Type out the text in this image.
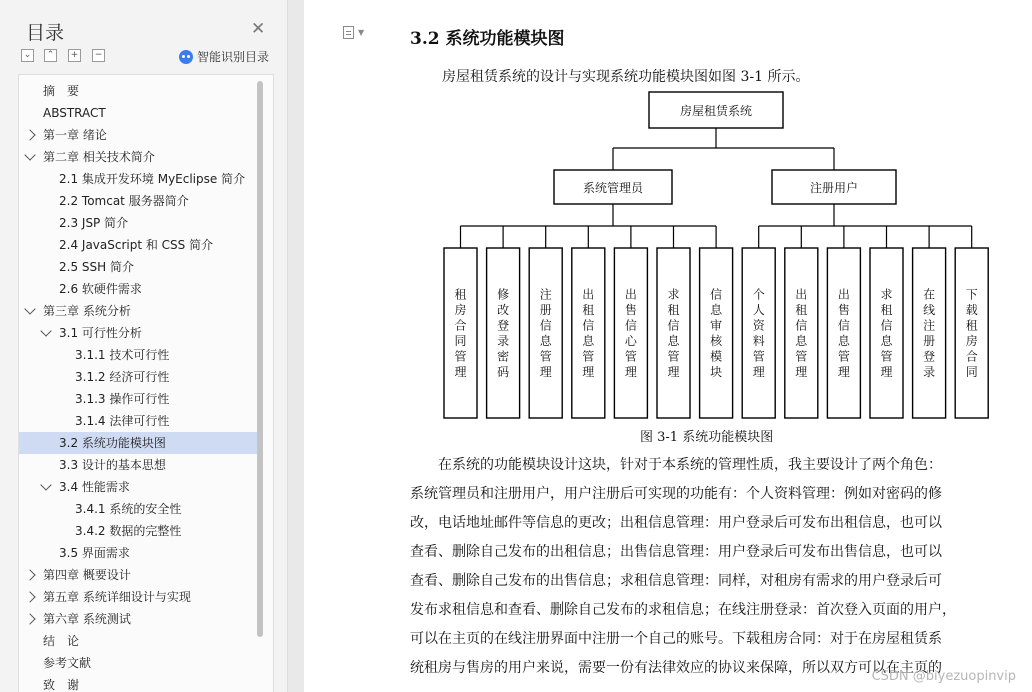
目录	✕
⌄	⌃	+	−	智能识别目录
摘　要
ABSTRACT
第一章 绪论
第二章 相关技术简介
2.1 集成开发环境 MyEclipse 简介
2.2 Tomcat 服务器简介
2.3 JSP 简介
2.4 JavaScript 和 CSS 简介
2.5 SSH 简介
2.6 软硬件需求
第三章 系统分析
3.1 可行性分析
3.1.1 技术可行性
3.1.2 经济可行性
3.1.3 操作可行性
3.1.4 法律可行性
3.2 系统功能模块图
3.3 设计的基本思想
3.4 性能需求
3.4.1 系统的安全性
3.4.2 数据的完整性
3.5 界面需求
第四章 概要设计
第五章 系统详细设计与实现
第六章 系统测试
结　论
参考文献
致　谢
▼	3.2 系统功能模块图

房屋租赁系统的设计与实现系统功能模块图如图 3-1 所示。

房屋租赁系统
系统管理员
租
房
合
同
管
理
修
改
登
录
密
码
注
册
信
息
管
理
出
租
信
息
管
理
出
售
信
心
管
理
求
租
信
息
管
理
信
息
审
核
模
块
注册用户
个
人
资
料
管
理
出
租
信
息
管
理
出
售
信
息
管
理
求
租
信
息
管
理
在
线
注
册
登
录
下
载
租
房
合
同
图 3-1 系统功能模块图
在系统的功能模块设计这块，针对于本系统的管理性质，我主要设计了两个角色：
系统管理员和注册用户，用户注册后可实现的功能有：个人资料管理：例如对密码的修
改，电话地址邮件等信息的更改；出租信息管理：用户登录后可发布出租信息，也可以
查看、删除自己发布的出租信息；出售信息管理：用户登录后可发布出售信息，也可以
查看、删除自己发布的出售信息；求租信息管理：同样，对租房有需求的用户登录后可
发布求租信息和查看、删除自己发布的求租信息；在线注册登录：首次登入页面的用户，
可以在主页的在线注册界面中注册一个自己的账号。下载租房合同：对于在房屋租赁系
统租房与售房的用户来说，需要一份有法律效应的协议来保障，所以双方可以在主页的
CSDN @biyezuopinvip
